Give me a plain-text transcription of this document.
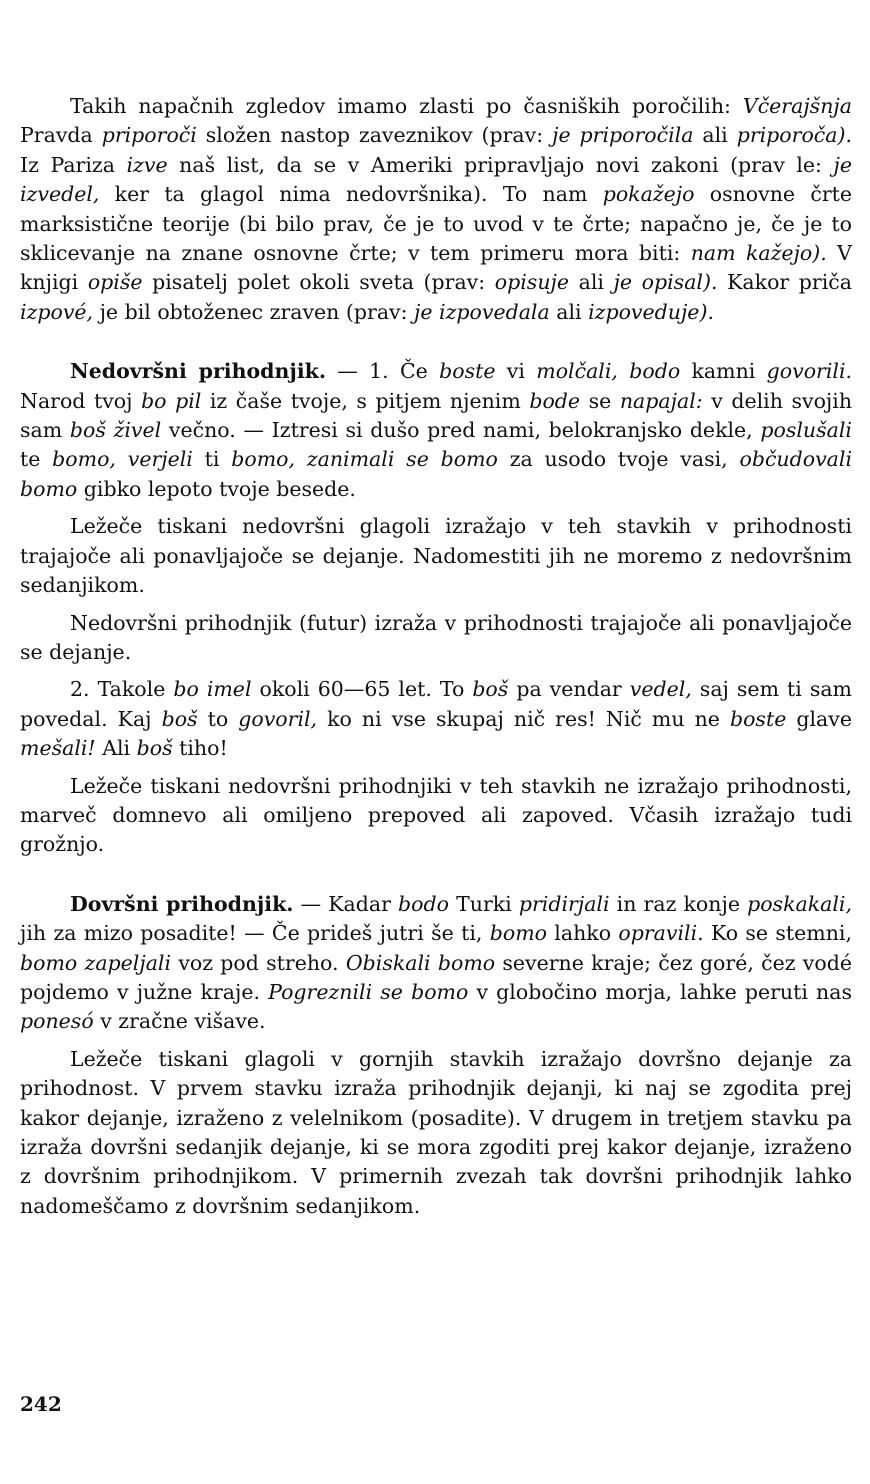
Takih napačnih zgledov imamo zlasti po časniških poročilih: Včerajšnja Pravda priporoči složen nastop zaveznikov (prav: je priporočila ali priporoča). Iz Pariza izve naš list, da se v Ameriki pripravljajo novi zakoni (prav le: je izvedel, ker ta glagol nima nedovršnika). To nam pokažejo osnovne črte marksistične teorije (bi bilo prav, če je to uvod v te črte; napačno je, če je to sklicevanje na znane osnovne črte; v tem primeru mora biti: nam kažejo). V knjigi opiše pisatelj polet okoli sveta (prav: opisuje ali je opisal). Kakor priča izpové, je bil obtoženec zraven (prav: je izpovedala ali izpoveduje).

Nedovršni prihodnjik. — 1. Če boste vi molčali, bodo kamni govorili. Narod tvoj bo pil iz čaše tvoje, s pitjem njenim bode se napajal: v delih svojih sam boš živel večno. — Iztresi si dušo pred nami, belokranjsko dekle, poslušali te bomo, verjeli ti bomo, zanimali se bomo za usodo tvoje vasi, občudovali bomo gibko lepoto tvoje besede.

Ležeče tiskani nedovršni glagoli izražajo v teh stavkih v prihodnosti trajajoče ali ponavljajoče se dejanje. Nadomestiti jih ne moremo z nedovršnim sedanjikom.

Nedovršni prihodnjik (futur) izraža v prihodnosti trajajoče ali ponavljajoče se dejanje.

2. Takole bo imel okoli 60—65 let. To boš pa vendar vedel, saj sem ti sam povedal. Kaj boš to govoril, ko ni vse skupaj nič res! Nič mu ne boste glave mešali! Ali boš tiho!

Ležeče tiskani nedovršni prihodnjiki v teh stavkih ne izražajo prihodnosti, marveč domnevo ali omiljeno prepoved ali zapoved. Včasih izražajo tudi grožnjo.

Dovršni prihodnjik. — Kadar bodo Turki pridirjali in raz konje poskakali, jih za mizo posadite! — Če prideš jutri še ti, bomo lahko opravili. Ko se stemni, bomo zapeljali voz pod streho. Obiskali bomo severne kraje; čez goré, čez vodé pojdemo v južne kraje. Pogreznili se bomo v globočino morja, lahke peruti nas ponesó v zračne višave.

Ležeče tiskani glagoli v gornjih stavkih izražajo dovršno dejanje za prihodnost. V prvem stavku izraža prihodnjik dejanji, ki naj se zgodita prej kakor dejanje, izraženo z velelnikom (posadite). V drugem in tretjem stavku pa izraža dovršni sedanjik dejanje, ki se mora zgoditi prej kakor dejanje, izraženo z dovršnim prihodnjikom. V primernih zvezah tak dovršni prihodnjik lahko nadomeščamo z dovršnim sedanjikom.

242
